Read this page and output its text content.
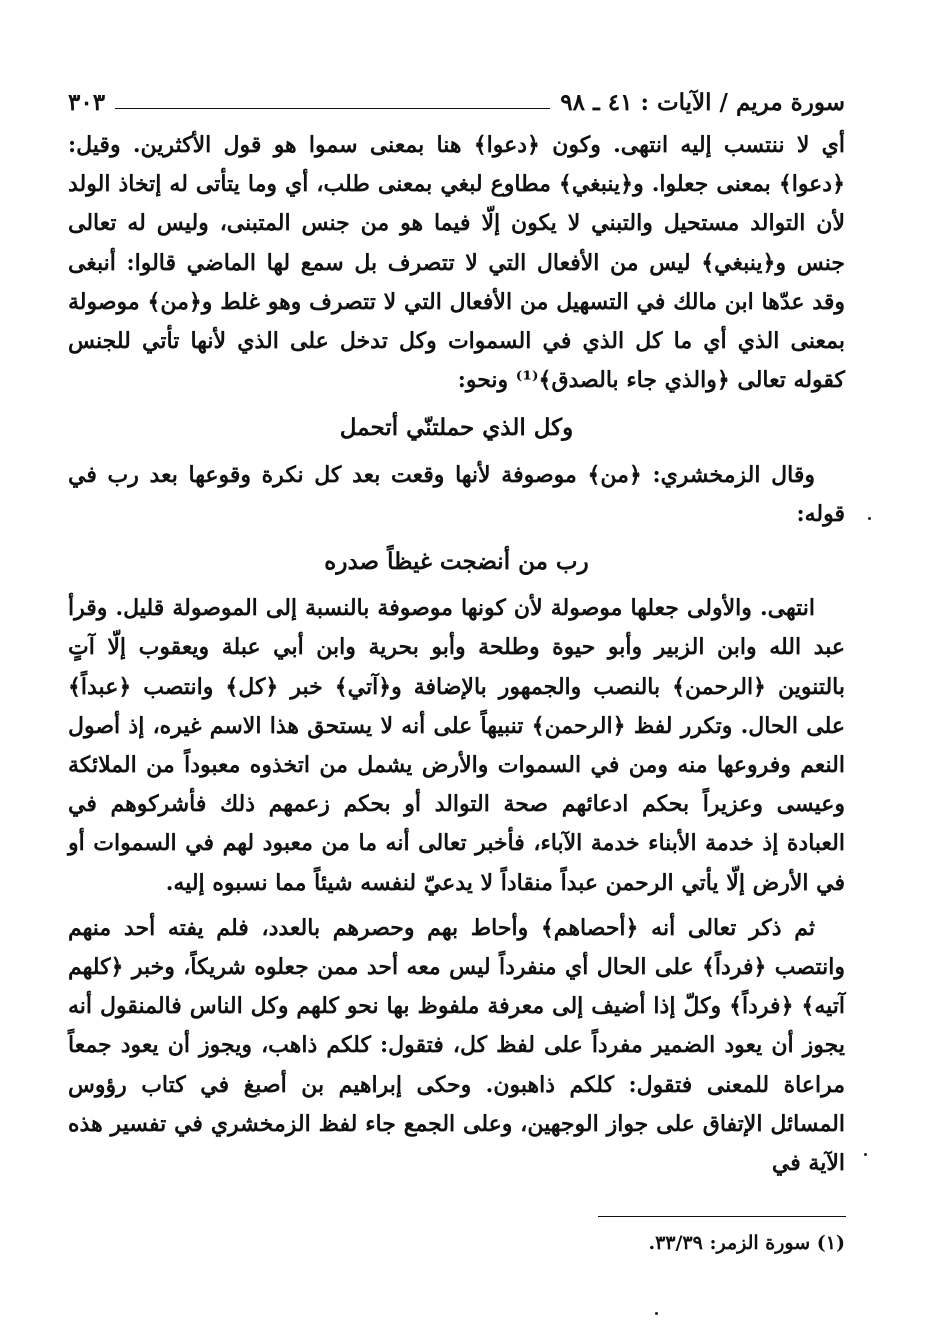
سورة مريم / الآيات : ٤١ ـ ٩٨
٣٠٣

أي لا ننتسب إليه انتهى. وكون ﴿دعوا﴾ هنا بمعنى سموا هو قول الأكثرين. وقيل: ﴿دعوا﴾ بمعنى جعلوا. و﴿ينبغي﴾ مطاوع لبغي بمعنى طلب، أي وما يتأتى له إتخاذ الولد لأن التوالد مستحيل والتبني لا يكون إلّا فيما هو من جنس المتبنى، وليس له تعالى جنس و﴿ينبغي﴾ ليس من الأفعال التي لا تتصرف بل سمع لها الماضي قالوا: أنبغى وقد عدّها ابن مالك في التسهيل من الأفعال التي لا تتصرف وهو غلط و﴿من﴾ موصولة بمعنى الذي أي ما كل الذي في السموات وكل تدخل على الذي لأنها تأتي للجنس كقوله تعالى ﴿والذي جاء بالصدق﴾⁽¹⁾ ونحو:

وكل الذي حملتنّي أتحمل

وقال الزمخشري: ﴿من﴾ موصوفة لأنها وقعت بعد كل نكرة وقوعها بعد رب في قوله:

رب من أنضجت غيظاً صدره

انتهى. والأولى جعلها موصولة لأن كونها موصوفة بالنسبة إلى الموصولة قليل. وقرأ عبد الله وابن الزبير وأبو حيوة وطلحة وأبو بحرية وابن أبي عبلة ويعقوب إلّا آتٍ بالتنوين ﴿الرحمن﴾ بالنصب والجمهور بالإضافة و﴿آتي﴾ خبر ﴿كل﴾ وانتصب ﴿عبداً﴾ على الحال. وتكرر لفظ ﴿الرحمن﴾ تنبيهاً على أنه لا يستحق هذا الاسم غيره، إذ أصول النعم وفروعها منه ومن في السموات والأرض يشمل من اتخذوه معبوداً من الملائكة وعيسى وعزيراً بحكم ادعائهم صحة التوالد أو بحكم زعمهم ذلك فأشركوهم في العبادة إذ خدمة الأبناء خدمة الآباء، فأخبر تعالى أنه ما من معبود لهم في السموات أو في الأرض إلّا يأتي الرحمن عبداً منقاداً لا يدعيّ لنفسه شيئاً مما نسبوه إليه.

ثم ذكر تعالى أنه ﴿أحصاهم﴾ وأحاط بهم وحصرهم بالعدد، فلم يفته أحد منهم وانتصب ﴿فرداً﴾ على الحال أي منفرداً ليس معه أحد ممن جعلوه شريكاً، وخبر ﴿كلهم آتيه﴾ ﴿فرداً﴾ وكلّ إذا أضيف إلى معرفة ملفوظ بها نحو كلهم وكل الناس فالمنقول أنه يجوز أن يعود الضمير مفرداً على لفظ كل، فتقول: كلكم ذاهب، ويجوز أن يعود جمعاً مراعاة للمعنى فتقول: كلكم ذاهبون. وحكى إبراهيم بن أصبغ في كتاب رؤوس المسائل الإتفاق على جواز الوجهين، وعلى الجمع جاء لفظ الزمخشري في تفسير هذه الآية في

(١) سورة الزمر: ٣٣/٣٩.
